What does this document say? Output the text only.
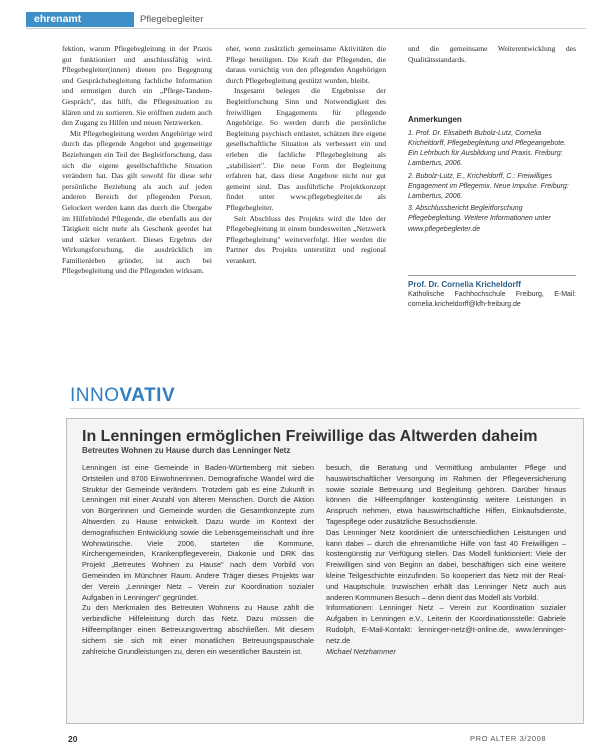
ehrenamt	Pflegebegleiter

fektion, warum Pflegebegleitung in der Praxis gut funktioniert und anschlussfähig wird. Pflegebegleiter(innen) dienen pro Begegnung und Gesprächsbegleitung fachliche Information und ermutigen durch ein „Pflege-Tandem-Gespräch", das hilft, die Pflegesituation zu klären und zu sortieren. Sie eröffnen zudem auch den Zugang zu Hilfen und neuen Netzwerken.

Mit Pflegebegleitung werden Angehörige wird durch das pflegende Angebot und gegenseitige Beziehungen ein Teil der Begleitforschung, dass sich die eigene gesellschaftliche Situation verändern hat. Das gilt sowohl für diese sehr persönliche Beziehung als auch auf jeden anderen Bereich der pflegenden Person. Gelockert werden kann das durch die Übergabe im Hilfebündel Pflegende, die ebenfalls aus der Tätigkeit nicht mehr als Geschenk geerdet hat und stärker verankert. Dieses Ergebnis der Wirkungsforschung, die ausdrücklich im Familienleben gründet, ist auch bei Pflegebegleitung und die Pflegenden wirksam.

eher, wenn zusätzlich gemeinsame Aktivitäten die Pflege beteiligten. Die Kraft der Pflegenden, die daraus vorsichtig von den pflegenden Angehörigen durch Pflegebegleitung gestützt wurden, bleibt.

Insgesamt belegen die Ergebnisse der Begleitforschung Sinn und Notwendigkeit des freiwilligen Engagements für pflegende Angehörige. So werden durch die persönliche Begleitung psychisch entlastet, schätzen ihre eigene gesellschaftliche Situation als verbessert ein und erleben die fachliche Pflegebegleitung als „stabilisiert". Die neue Form der Begleitung erfahren hat, dass diese Angebote nicht nur gut gemeint sind. Das ausführliche Projektkonzept findet unter www.pflegebegleiter.de als Pflegebegleiter.

Seit Abschluss des Projekts wird die Idee der Pflegebegleitung in einem bundesweiten „Netzwerk Pflegebegleitung" weiterverfolgt. Hier werden die Partner des Projekts unterstützt und regional verankert.

und die gemeinsame Weiterentwicklung des Qualitätsstandards.

Anmerkungen
1. Prof. Dr. Elisabeth Bubolz-Lutz, Cornelia Kricheldorff, Pflegebegleitung und Pflegeangebote. Ein Lehrbuch für Ausbildung und Praxis. Freiburg: Lambertus, 2006.
2. Bubolz-Lutz, E., Kricheldorff, C.: Freiwilliges Engagement im Pflegemix. Neue Impulse. Freiburg: Lambertus, 2006.
3. Abschlussbericht Begleitforschung Pflegebegleitung. Weitere Informationen unter www.pflegebegleiter.de
Prof. Dr. Cornelia Kricheldorff
Katholische Fachhochschule Freiburg, E-Mail: cornelia.kricheldorff@kfh-freiburg.de
INNOVATIV
In Lenningen ermöglichen Freiwillige das Altwerden daheim
Betreutes Wohnen zu Hause durch das Lenninger Netz

Lenningen ist eine Gemeinde in Baden-Württemberg mit sieben Ortsteilen und 8700 Einwohnerinnen. Demografische Wandel wird die Struktur der Gemeinde verändern. Trotzdem gab es eine Zukunft in Lenningen mit einer Anzahl von älteren Menschen. Durch die Aktion von Bürgerinnen und Gemeinde wurden die Gesamtkonzepte zum Altwerden zu Hause entwickelt. Dazu wurde im Kontext der demografischen Entwicklung sowie die Lebensgemeinschaft und ihre Wohnwünsche. Viele 2006, starteten die Kommune, Kirchengemeinden, Krankenpflegeverein, Diakonie und DRK das Projekt „Betreutes Wohnen zu Hause" nach dem Vorbild von Gemeinden im Münchner Raum. Andere Träger dieses Projekts war der Verein „Lenninger Netz – Verein zur Koordination sozialer Aufgaben in Lenningen" gegründet.

Zu den Merkmalen des Betreuten Wohnens zu Hause zählt die verbindliche Hilfeleistung durch das Netz. Dazu müssen die Hilfeempfänger einen Betreuungsvertrag abschließen. Mit diesem sichern sie sich mit einer monatlichen Betreuungspauschale zahlreiche Grundleistungen zu, deren ein wesentlicher Baustein ist.

besuch, die Beratung und Vermittlung ambulanter Pflege und hauswirtschaftlicher Versorgung im Rahmen der Pflegeversicherung sowie soziale Betreuung und Begleitung gehören. Darüber hinaus können die Hilfeempfänger kostengünstig weitere Leistungen in Anspruch nehmen, etwa hauswirtschaftliche Hilfen, Einkaufsdienste, Tagespflege oder zusätzliche Besuchsdienste.

Das Lenninger Netz koordiniert die unterschiedlichen Leistungen und kann dabei – durch die ehrenamtliche Hilfe von fast 40 Freiwilligen – kostengünstig zur Verfügung stellen. Das Modell funktioniert: Viele der Freiwilligen sind von Beginn an dabei, beschäftigen sich eine weitere kleine Teilgeschichte einzufinden. So kooperiert das Netz mit der Real- und Hauptschule. Inzwischen erhält das Lenninger Netz auch aus anderen Kommunen Besuch – denn dient das Modell als Vorbild.

Informationen: Lenninger Netz – Verein zur Koordination sozialer Aufgaben in Lenningen e.V., Leiterin der Koordinationsstelle: Gabriele Rudolph, E-Mail-Kontakt: lenninger-netz@t-online.de, www.lenninger-netz.de

Michael Netzhammer

20	PRO ALTER 3/2008
